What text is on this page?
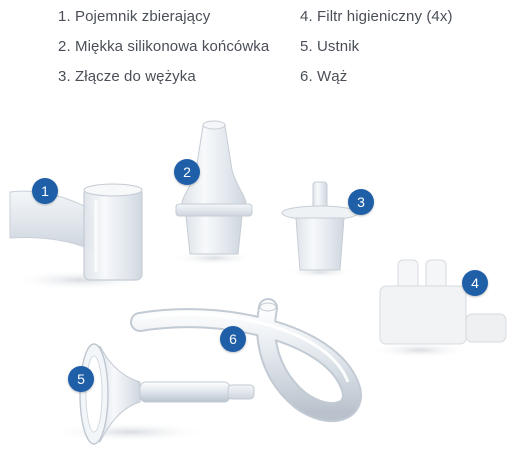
1. Pojemnik zbierający
2. Miękka silikonowa końcówka
3. Złącze do wężyka
4. Filtr higieniczny (4x)
5. Ustnik
6. Wąż
1
2
3
4
5
6
